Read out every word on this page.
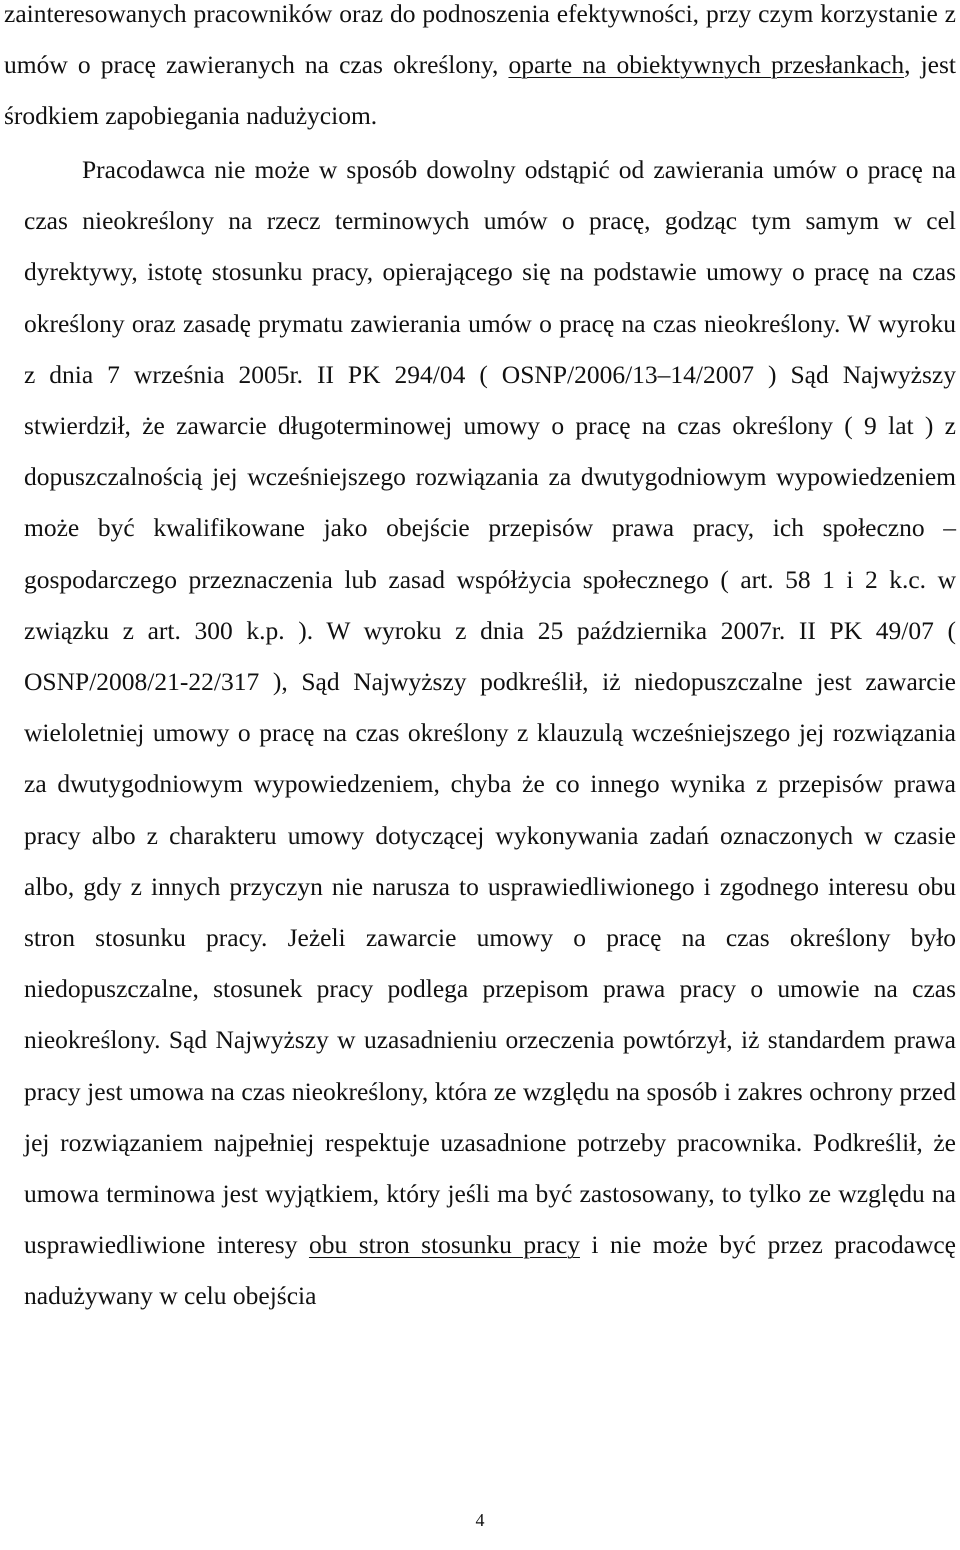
zainteresowanych pracowników oraz do podnoszenia efektywności, przy czym korzystanie z umów o pracę zawieranych na czas określony, oparte na obiektywnych przesłankach, jest środkiem zapobiegania nadużyciom.

Pracodawca nie może w sposób dowolny odstąpić od zawierania umów o pracę na czas nieokreślony na rzecz terminowych umów o pracę, godząc tym samym w cel dyrektywy, istotę stosunku pracy, opierającego się na podstawie umowy o pracę na czas określony oraz zasadę prymatu zawierania umów o pracę na czas nieokreślony. W wyroku z dnia 7 września 2005r. II PK 294/04 ( OSNP/2006/13–14/2007 ) Sąd Najwyższy stwierdził, że zawarcie długoterminowej umowy o pracę na czas określony ( 9 lat ) z dopuszczalnością jej wcześniejszego rozwiązania za dwutygodniowym wypowiedzeniem może być kwalifikowane jako obejście przepisów prawa pracy, ich społeczno – gospodarczego przeznaczenia lub zasad współżycia społecznego ( art. 58 1 i 2 k.c. w związku z art. 300 k.p. ). W wyroku z dnia 25 października 2007r. II PK 49/07 ( OSNP/2008/21-22/317 ), Sąd Najwyższy podkreślił, iż niedopuszczalne jest zawarcie wieloletniej umowy o pracę na czas określony z klauzulą wcześniejszego jej rozwiązania za dwutygodniowym wypowiedzeniem, chyba że co innego wynika z przepisów prawa pracy albo z charakteru umowy dotyczącej wykonywania zadań oznaczonych w czasie albo, gdy z innych przyczyn nie narusza to usprawiedliwionego i zgodnego interesu obu stron stosunku pracy. Jeżeli zawarcie umowy o pracę na czas określony było niedopuszczalne, stosunek pracy podlega przepisom prawa pracy o umowie na czas nieokreślony. Sąd Najwyższy w uzasadnieniu orzeczenia powtórzył, iż standardem prawa pracy jest umowa na czas nieokreślony, która ze względu na sposób i zakres ochrony przed jej rozwiązaniem najpełniej respektuje uzasadnione potrzeby pracownika. Podkreślił, że umowa terminowa jest wyjątkiem, który jeśli ma być zastosowany, to tylko ze względu na usprawiedliwione interesy obu stron stosunku pracy i nie może być przez pracodawcę nadużywany w celu obejścia

4
